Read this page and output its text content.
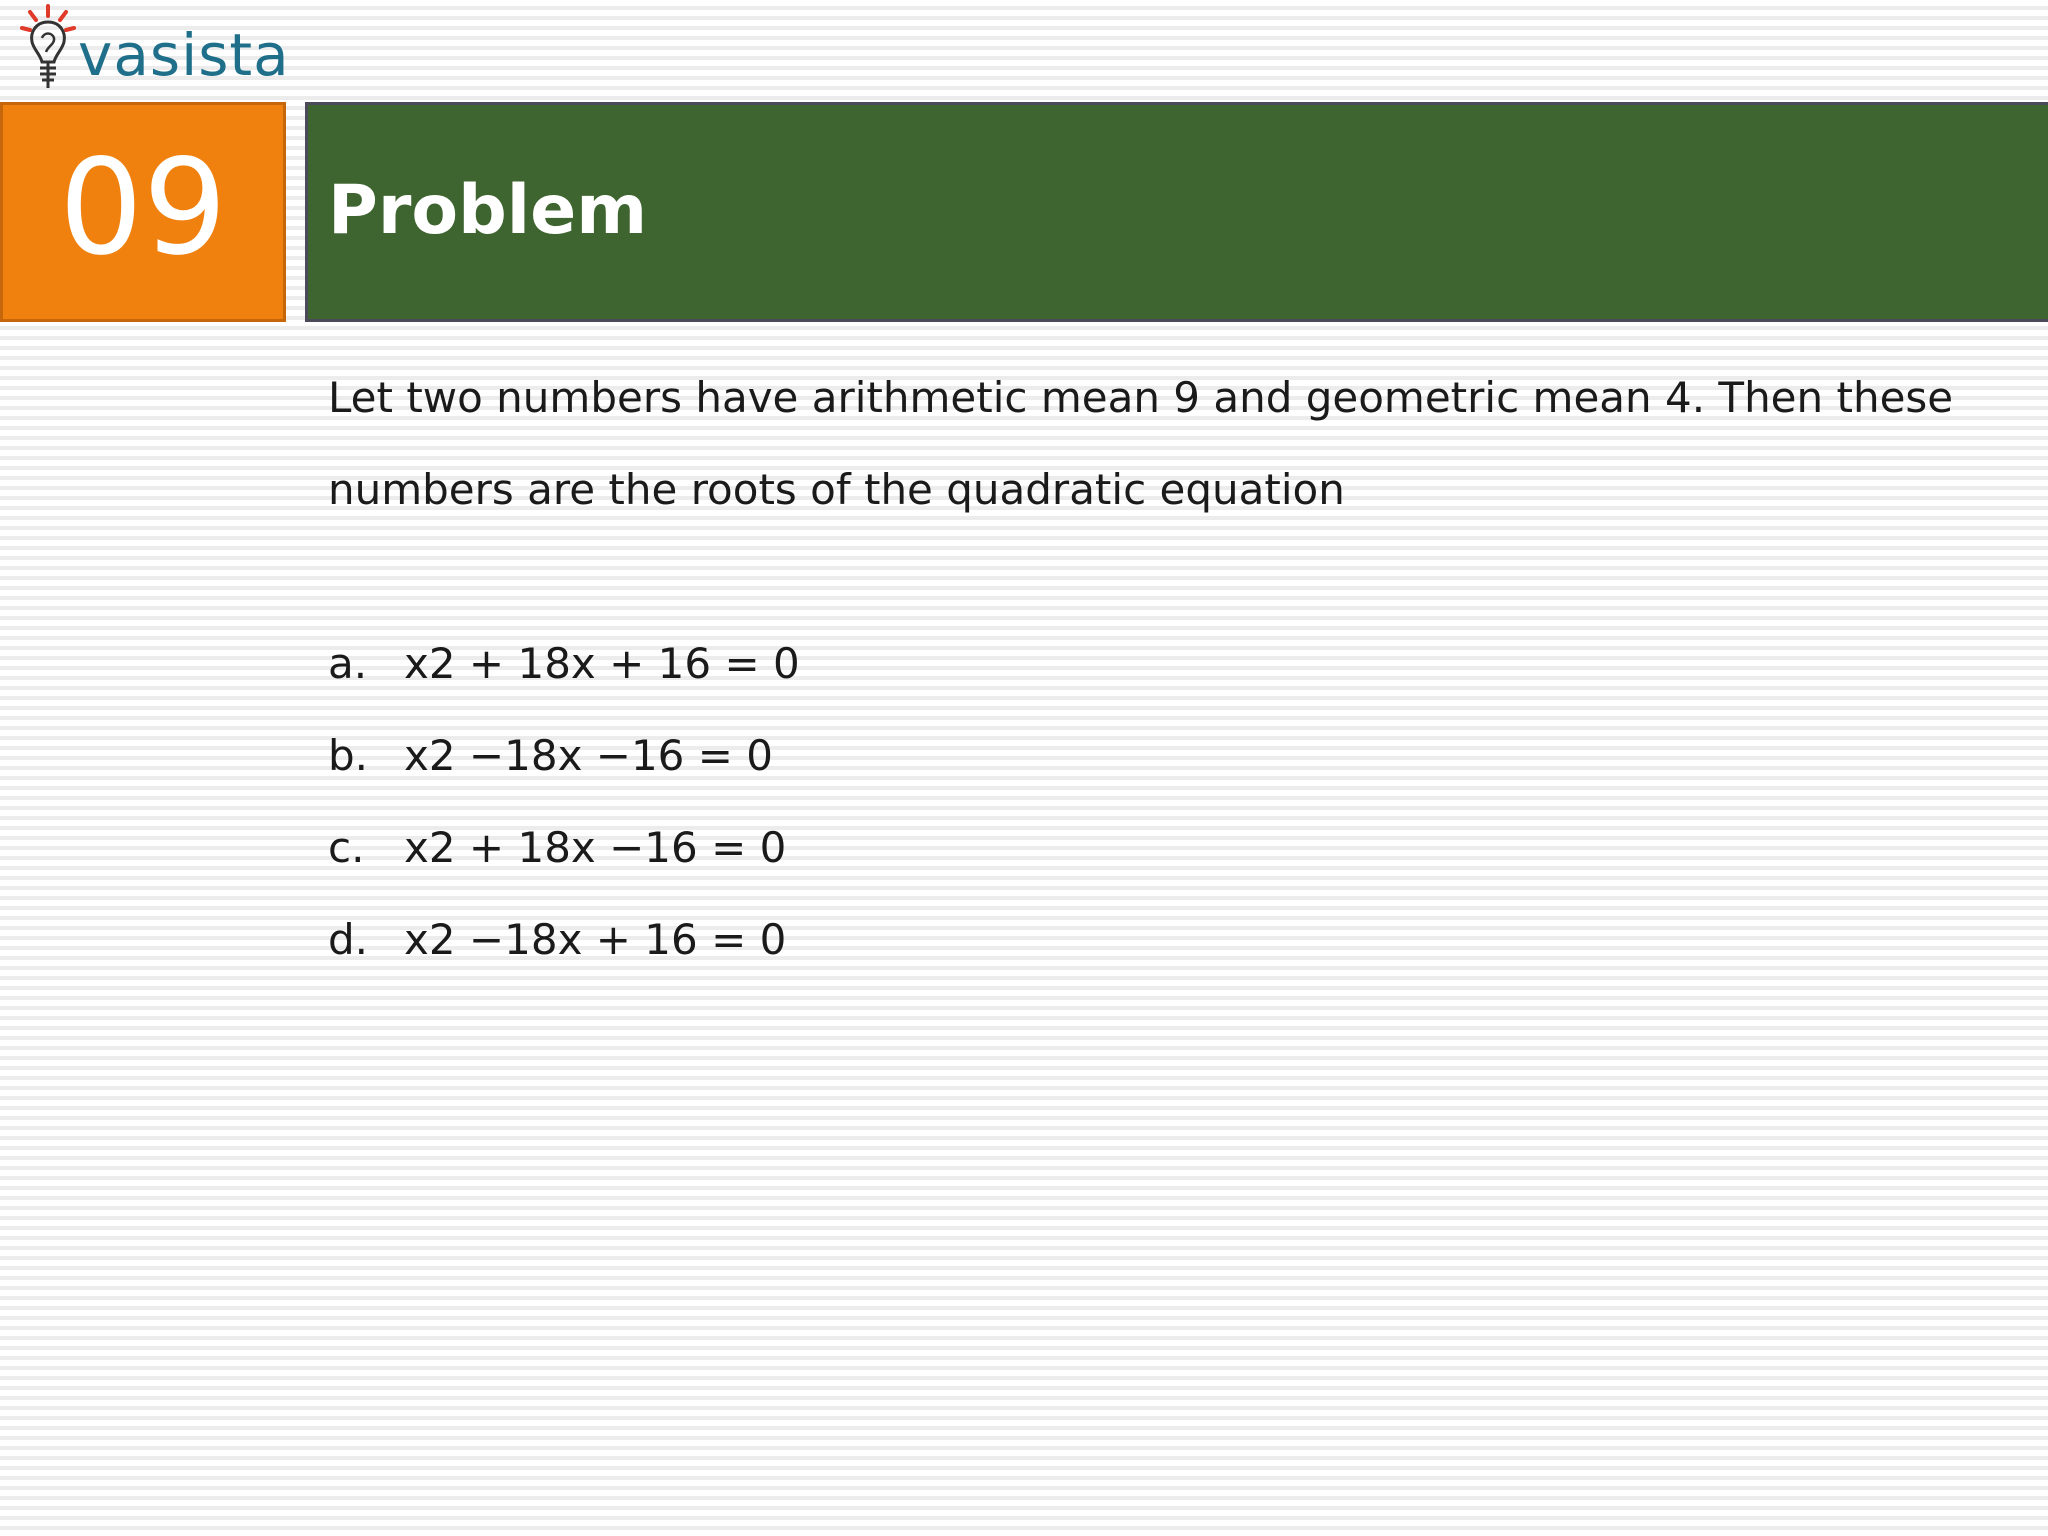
vasista
09 Problem
Let two numbers have arithmetic mean 9 and geometric mean 4. Then these
numbers are the roots of the quadratic equation
a. x2 + 18x + 16 = 0
b. x2 −18x −16 = 0
c. x2 + 18x −16 = 0
d. x2 −18x + 16 = 0
